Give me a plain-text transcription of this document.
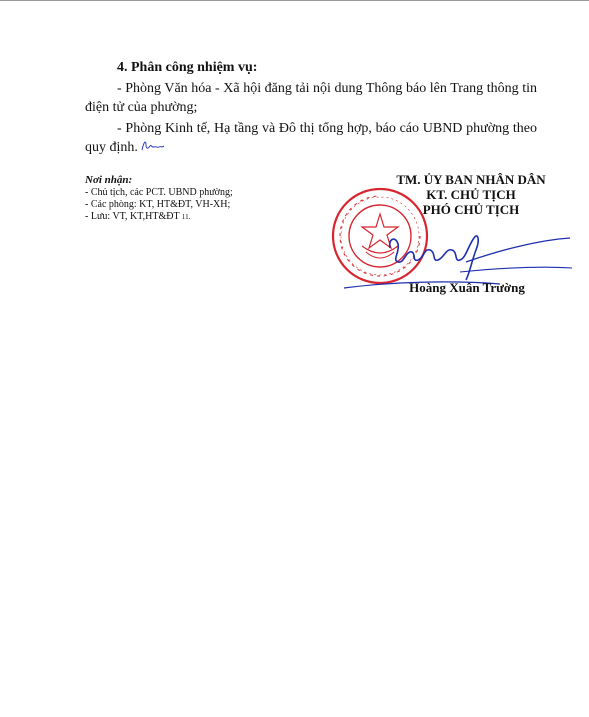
4. Phân công nhiệm vụ:
- Phòng Văn hóa - Xã hội đăng tải nội dung Thông báo lên Trang thông tin điện tử của phường;
- Phòng Kinh tế, Hạ tầng và Đô thị tổng hợp, báo cáo UBND phường theo quy định.
Nơi nhận:
- Chủ tịch, các PCT. UBND phường;
- Các phòng: KT, HT&ĐT, VH-XH;
- Lưu: VT, KT,HT&ĐT 11.
TM. ỦY BAN NHÂN DÂN
KT. CHỦ TỊCH
PHÓ CHỦ TỊCH
Hoàng Xuân Trường
